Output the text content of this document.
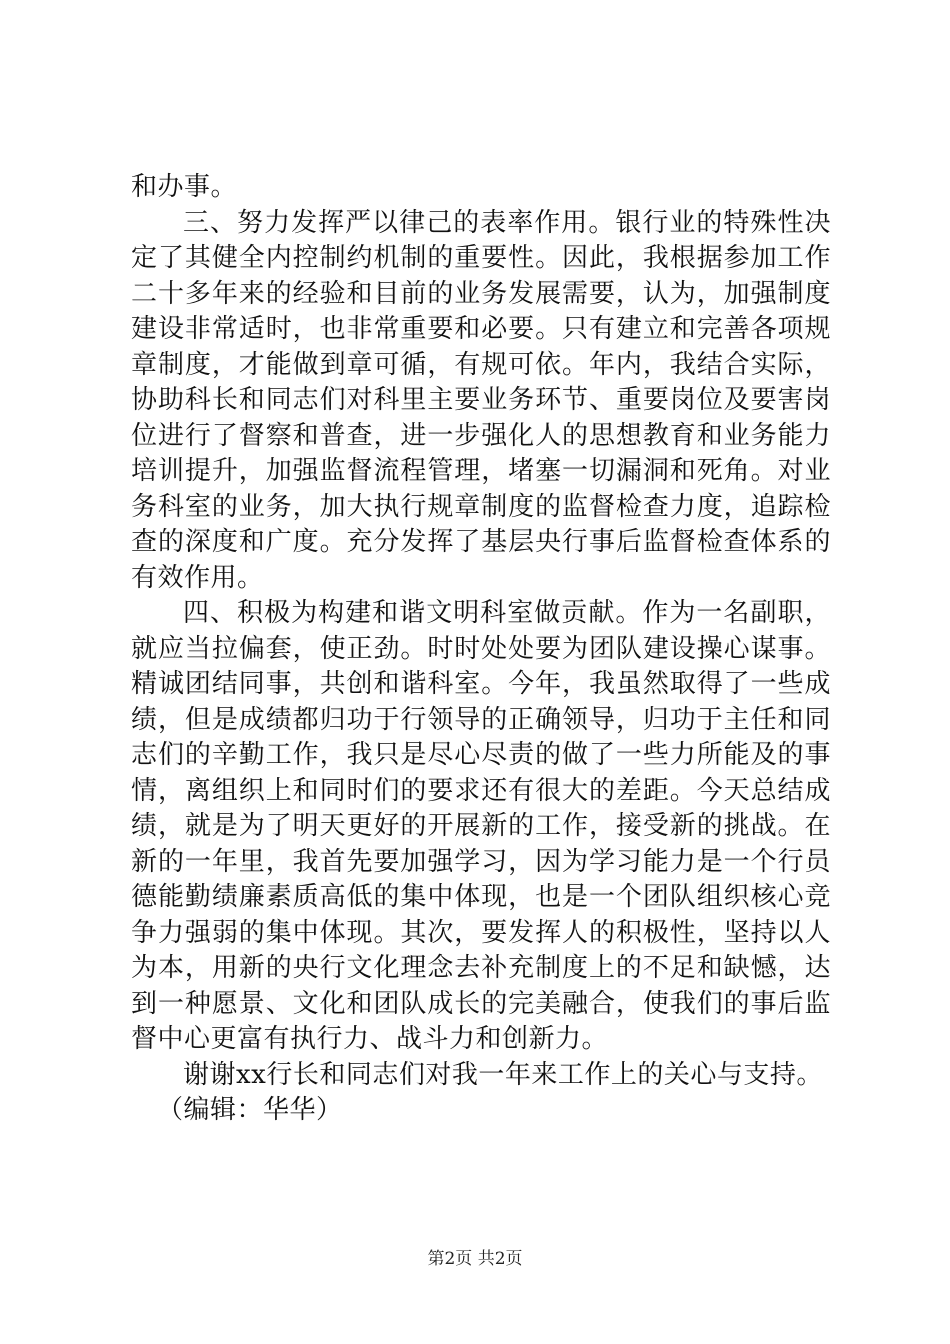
和办事。

三、努力发挥严以律己的表率作用。银行业的特殊性决定了其健全内控制约机制的重要性。因此，我根据参加工作二十多年来的经验和目前的业务发展需要，认为，加强制度建设非常适时，也非常重要和必要。只有建立和完善各项规章制度，才能做到章可循，有规可依。年内，我结合实际，协助科长和同志们对科里主要业务环节、重要岗位及要害岗位进行了督察和普查，进一步强化人的思想教育和业务能力培训提升，加强监督流程管理，堵塞一切漏洞和死角。对业务科室的业务，加大执行规章制度的监督检查力度，追踪检查的深度和广度。充分发挥了基层央行事后监督检查体系的有效作用。

四、积极为构建和谐文明科室做贡献。作为一名副职，就应当拉偏套，使正劲。时时处处要为团队建设操心谋事。精诚团结同事，共创和谐科室。今年，我虽然取得了一些成绩，但是成绩都归功于行领导的正确领导，归功于主任和同志们的辛勤工作，我只是尽心尽责的做了一些力所能及的事情，离组织上和同时们的要求还有很大的差距。今天总结成绩，就是为了明天更好的开展新的工作，接受新的挑战。在新的一年里，我首先要加强学习，因为学习能力是一个行员德能勤绩廉素质高低的集中体现，也是一个团队组织核心竞争力强弱的集中体现。其次，要发挥人的积极性，坚持以人为本，用新的央行文化理念去补充制度上的不足和缺憾，达到一种愿景、文化和团队成长的完美融合，使我们的事后监督中心更富有执行力、战斗力和创新力。

谢谢xx行长和同志们对我一年来工作上的关心与支持。

（编辑：华华）

第2页 共2页
